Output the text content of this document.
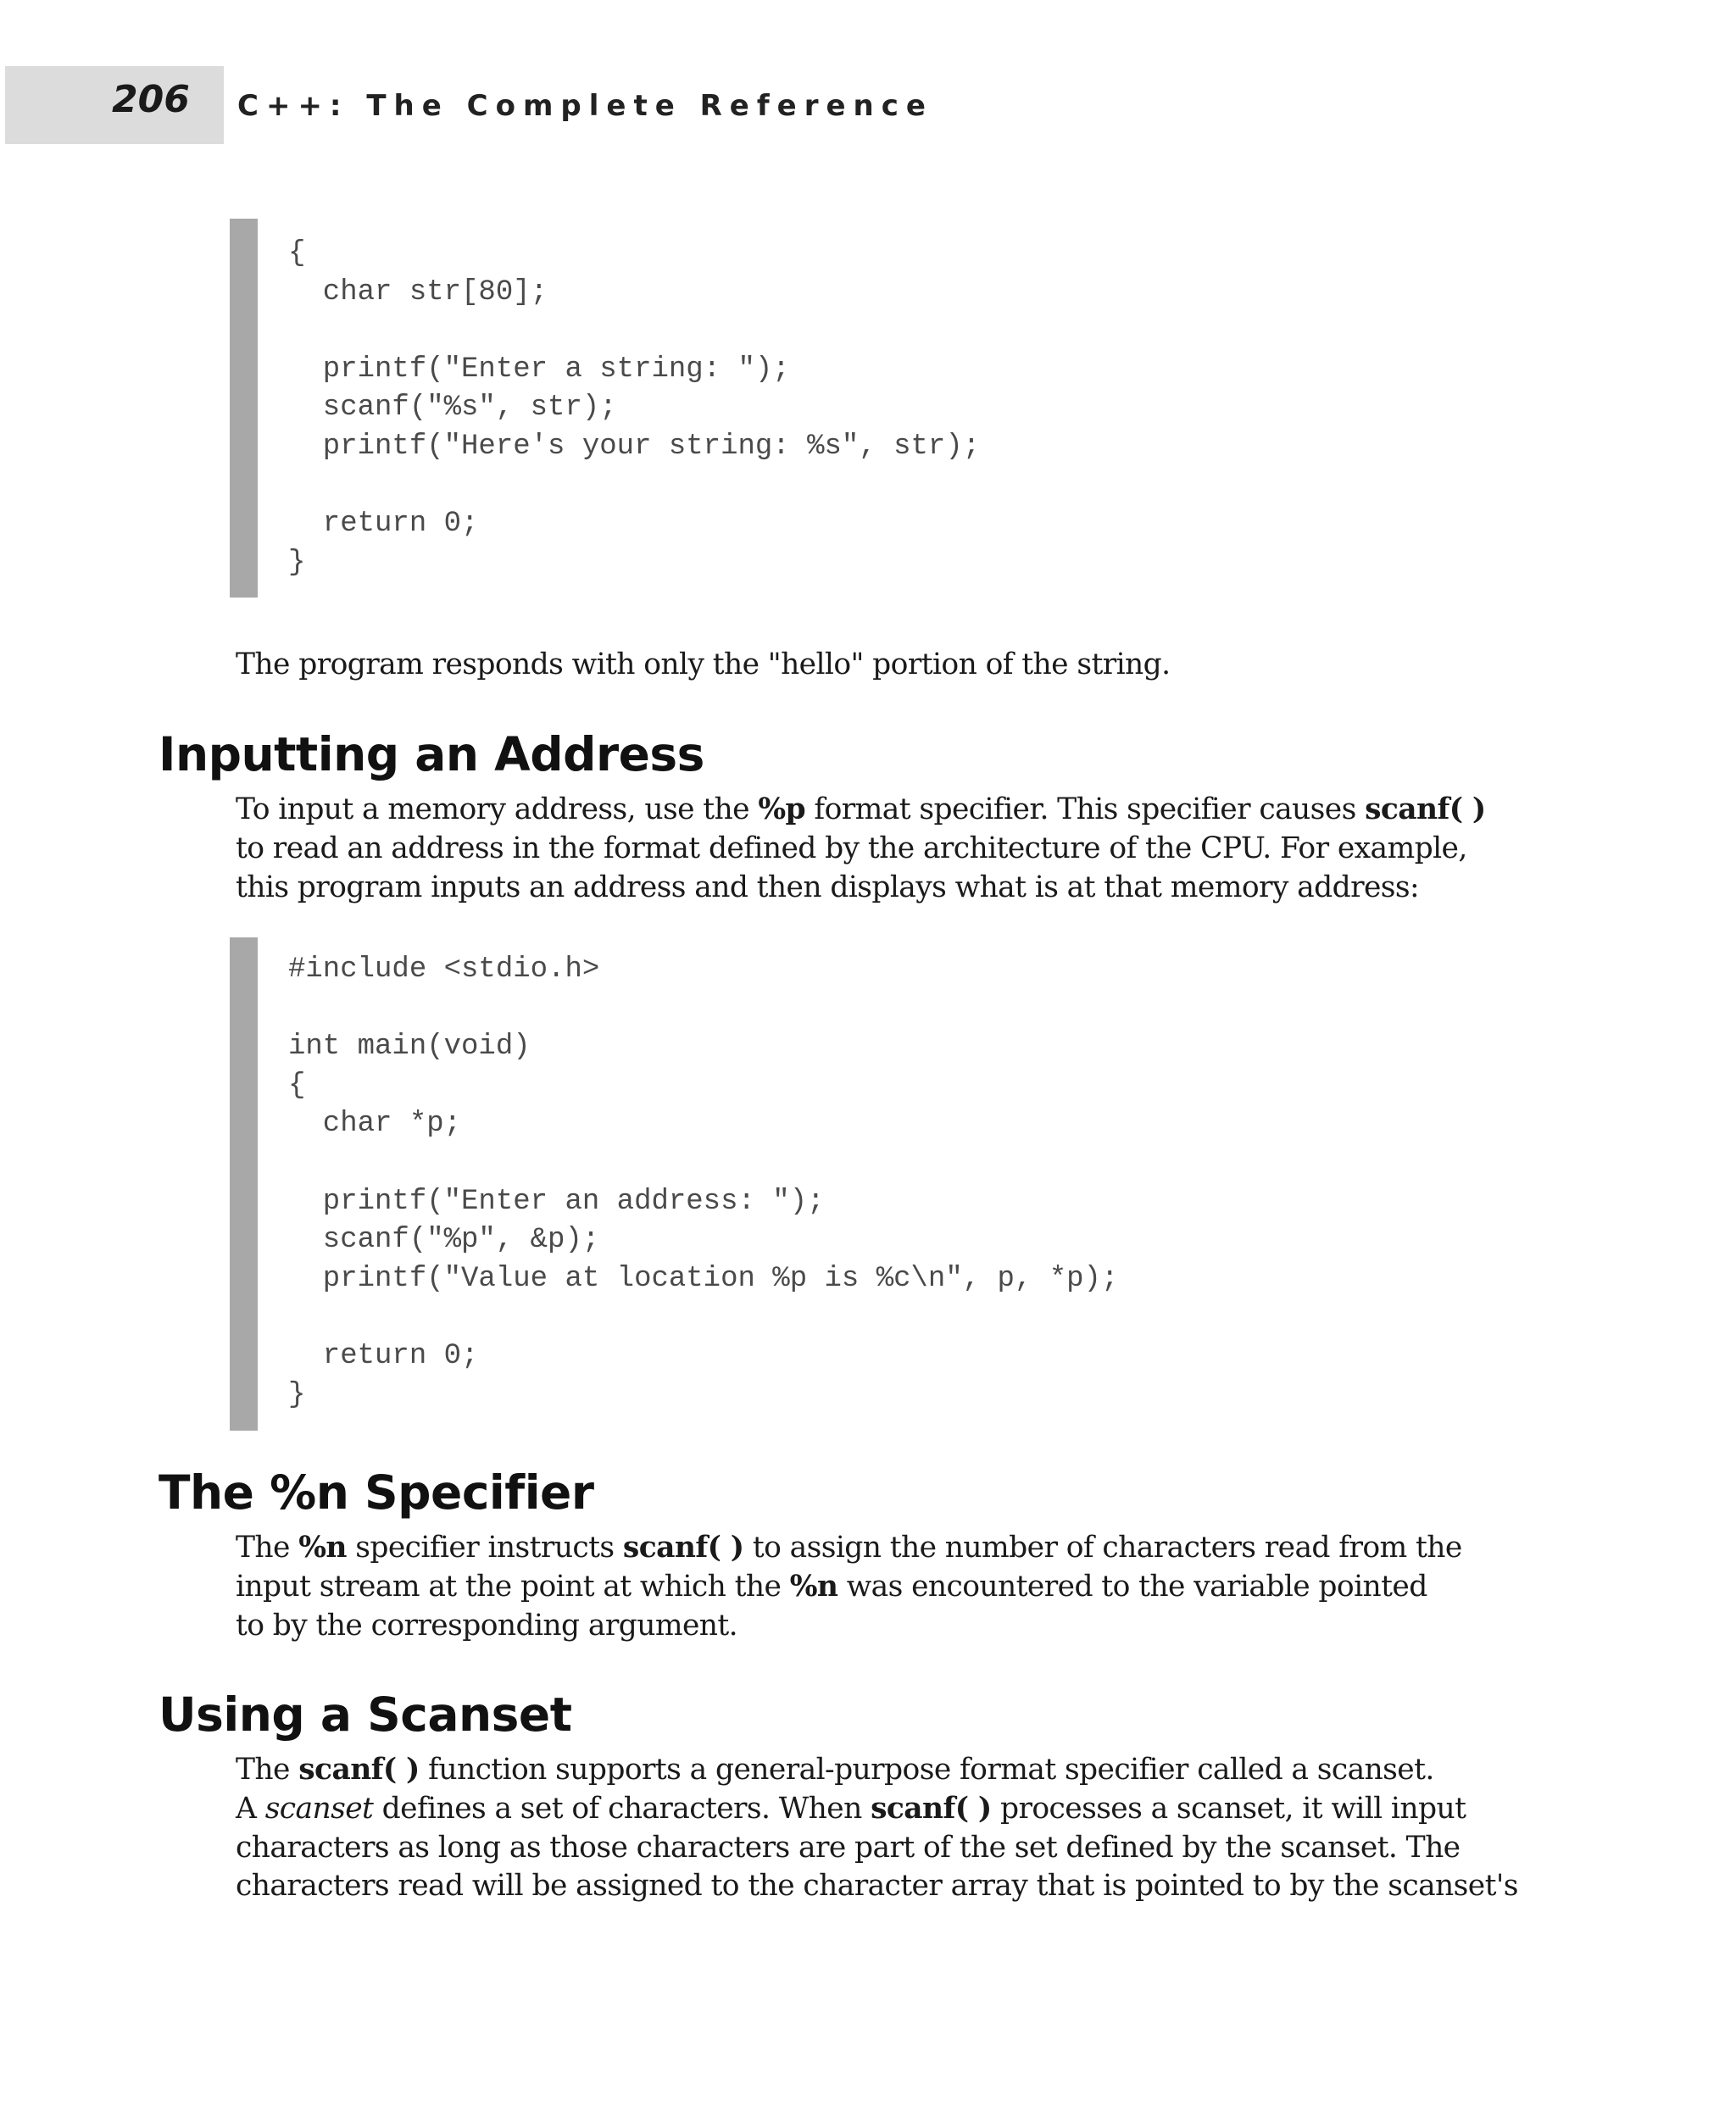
206 C++: The Complete Reference
{
char str[80];
printf("Enter a string: ");
scanf("%s", str);
printf("Here's your string: %s", str);
return 0;
}

The program responds with only the "hello" portion of the string.

Inputting an Address

To input a memory address, use the %p format specifier. This specifier causes scanf( )
to read an address in the format defined by the architecture of the CPU. For example,
this program inputs an address and then displays what is at that memory address:

#include <stdio.h>
int main(void)
{
char *p;
printf("Enter an address: ");
scanf("%p", &p);
printf("Value at location %p is %c\n", p, *p);
return 0;
}
The %n Specifier

The %n specifier instructs scanf( ) to assign the number of characters read from the
input stream at the point at which the %n was encountered to the variable pointed
to by the corresponding argument.

Using a Scanset

The scanf( ) function supports a general-purpose format specifier called a scanset.
A scanset defines a set of characters. When scanf( ) processes a scanset, it will input
characters as long as those characters are part of the set defined by the scanset. The
characters read will be assigned to the character array that is pointed to by the scanset's
